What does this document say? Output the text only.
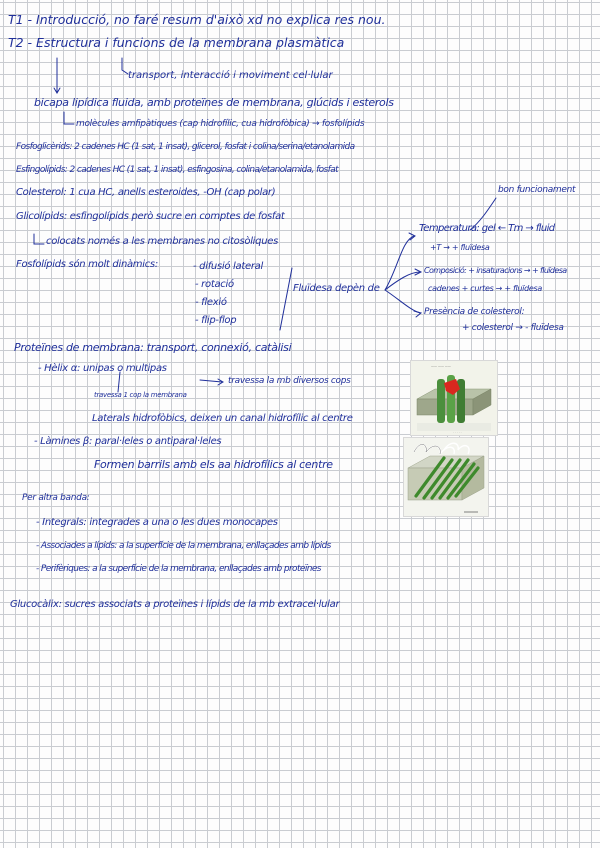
T1 - Introducció, no faré resum d'això xd no explica res nou.
T2 - Estructura i funcions de la membrana plasmàtica
transport, interacció i moviment cel·lular
bicapa lipídica fluida, amb proteïnes de membrana, glúcids i esterols
molècules amfipàtiques (cap hidrofílic, cua hidrofòbica) → fosfolípids
Fosfoglicèrids: 2 cadenes HC (1 sat, 1 insat), glicerol, fosfat i colina/serina/etanolamida
Esfingolípids: 2 cadenes HC (1 sat, 1 insat), esfingosina, colina/etanolamida, fosfat
Colesterol: 1 cua HC, anells esteroides, -OH (cap polar)
Glicolípids: esfingolípids però sucre en comptes de fosfat
colocats només a les membranes no citosòliques
Fosfolípids són molt dinàmics:	- difusió lateral
- rotació
- flexió
- flip-flop
Fluïdesa depèn de
bon funcionament
Temperatura: gel ← Tm → fluid
+T → + fluïdesa
Composició: + insaturacions → + fluïdesa
cadenes + curtes → + fluïdesa
Presència de colesterol:
+ colesterol → - fluïdesa
Proteïnes de membrana: transport, connexió, catàlisi
- Hèlix α: unipas o multipas
travessa la mb diversos cops
travessa 1 cop la membrana
Laterals hidrofòbics, deixen un canal hidrofílic al centre
- Làmines β: paral·leles o antiparal·leles
Formen barrils amb els aa hidrofílics al centre
Per altra banda:
- Integrals: integrades a una o les dues monocapes
- Associades a lípids: a la superfície de la membrana, enllaçades amb lípids
- Perifèriques: a la superfície de la membrana, enllaçades amb proteïnes
Glucocàlix: sucres associats a proteïnes i lípids de la mb extracel·lular
—— —— ——
· · · · ·
